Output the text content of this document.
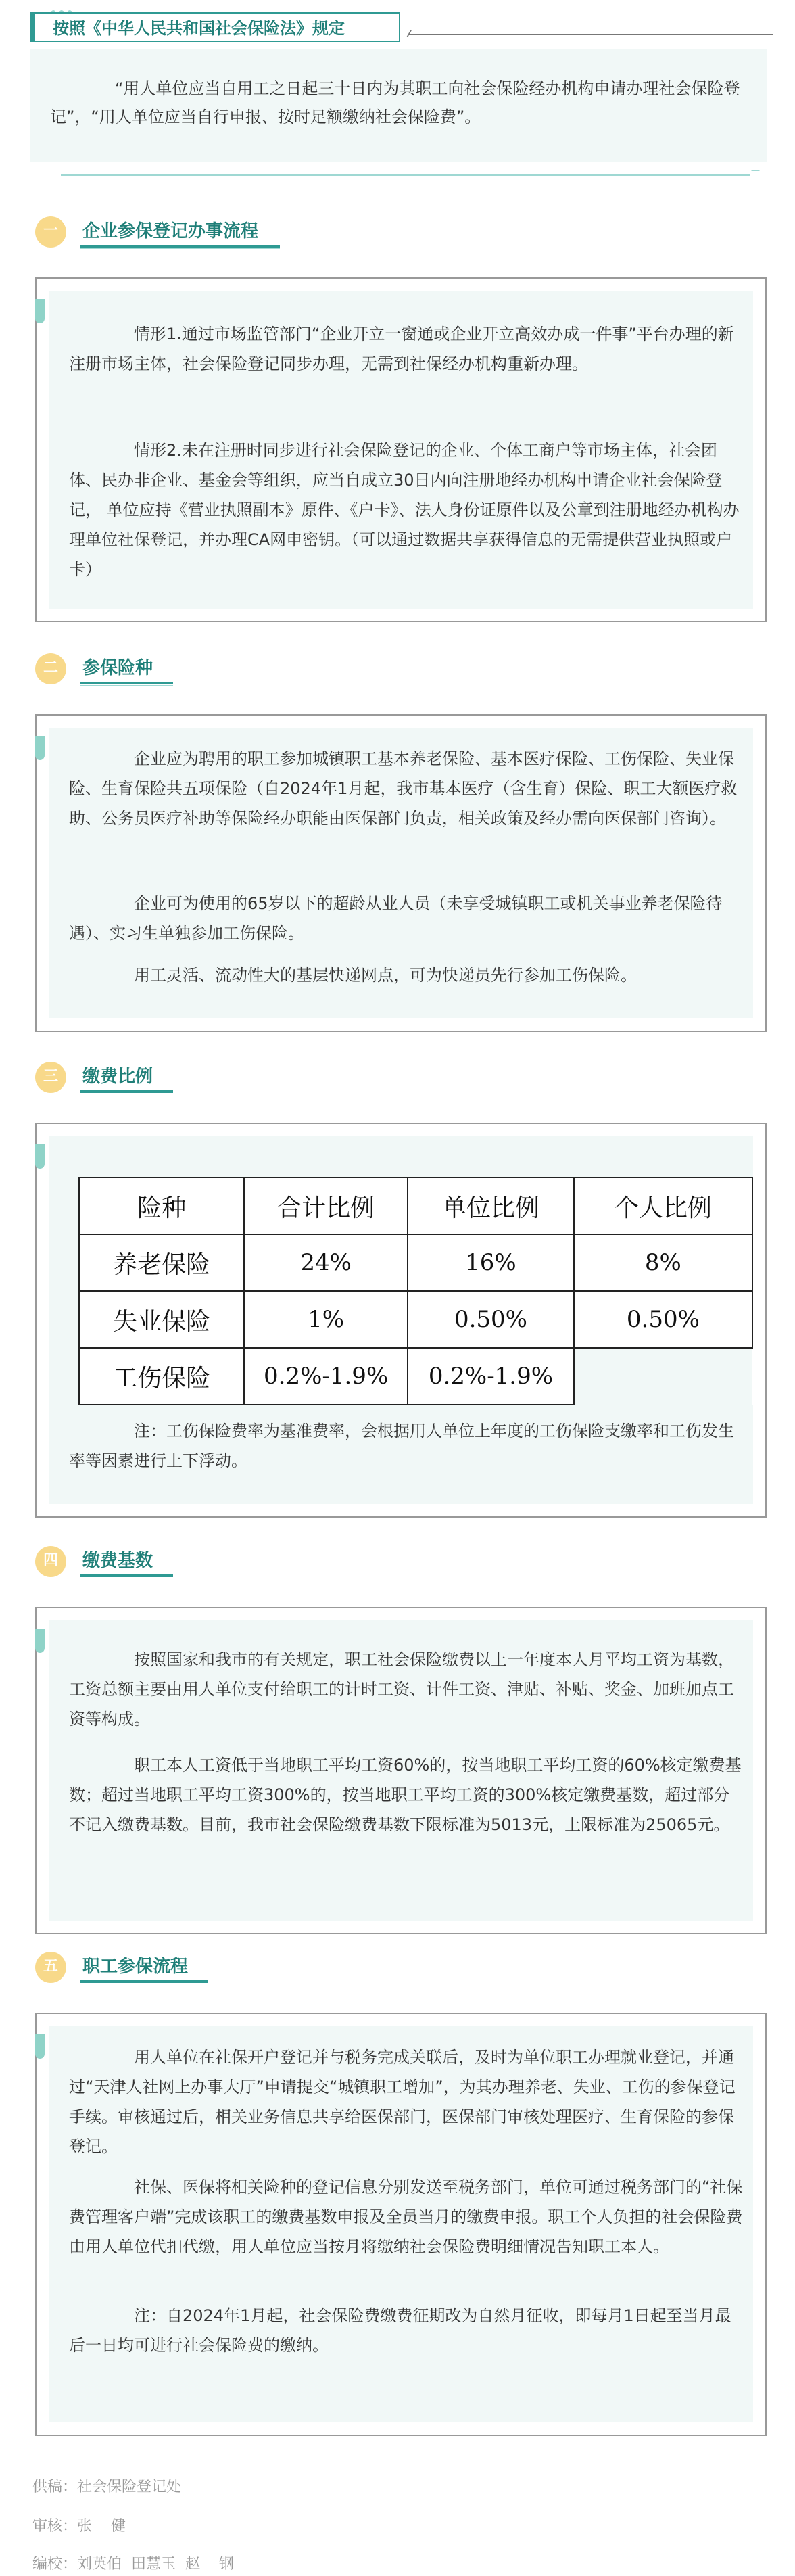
按照《中华人民共和国社会保险法》规定

“用人单位应当自用工之日起三十日内为其职工向社会保险经办机构申请办理社会保险登记”，“用人单位应当自行申报、按时足额缴纳社会保险费”。

一	企业参保登记办事流程

情形1.通过市场监管部门“企业开立一窗通或企业开立高效办成一件事”平台办理的新注册市场主体，社会保险登记同步办理，无需到社保经办机构重新办理。

情形2.未在注册时同步进行社会保险登记的企业、个体工商户等市场主体，社会团体、民办非企业、基金会等组织，应当自成立30日内向注册地经办机构申请企业社会保险登记， 单位应持《营业执照副本》原件、《户卡》、法人身份证原件以及公章到注册地经办机构办理单位社保登记，并办理CA网申密钥。（可以通过数据共享获得信息的无需提供营业执照或户卡）

二	参保险种

企业应为聘用的职工参加城镇职工基本养老保险、基本医疗保险、工伤保险、失业保险、生育保险共五项保险（自2024年1月起，我市基本医疗（含生育）保险、职工大额医疗救助、公务员医疗补助等保险经办职能由医保部门负责，相关政策及经办需向医保部门咨询）。

企业可为使用的65岁以下的超龄从业人员（未享受城镇职工或机关事业养老保险待遇）、实习生单独参加工伤保险。

用工灵活、流动性大的基层快递网点，可为快递员先行参加工伤保险。

三	缴费比例
险种	合计比例	单位比例	个人比例
养老保险	24%	16%	8%
失业保险	1%	0.50%	0.50%
工伤保险	0.2%-1.9%	0.2%-1.9%	

注：工伤保险费率为基准费率，会根据用人单位上年度的工伤保险支缴率和工伤发生率等因素进行上下浮动。

四	缴费基数

按照国家和我市的有关规定，职工社会保险缴费以上一年度本人月平均工资为基数，工资总额主要由用人单位支付给职工的计时工资、计件工资、津贴、补贴、奖金、加班加点工资等构成。

职工本人工资低于当地职工平均工资60%的，按当地职工平均工资的60%核定缴费基数；超过当地职工平均工资300%的，按当地职工平均工资的300%核定缴费基数，超过部分不记入缴费基数。目前，我市社会保险缴费基数下限标准为5013元，上限标准为25065元。

五	职工参保流程

用人单位在社保开户登记并与税务完成关联后，及时为单位职工办理就业登记，并通过“天津人社网上办事大厅”申请提交“城镇职工增加”，为其办理养老、失业、工伤的参保登记手续。审核通过后，相关业务信息共享给医保部门，医保部门审核处理医疗、生育保险的参保登记。

社保、医保将相关险种的登记信息分别发送至税务部门，单位可通过税务部门的“社保费管理客户端”完成该职工的缴费基数申报及全员当月的缴费申报。职工个人负担的社会保险费由用人单位代扣代缴，用人单位应当按月将缴纳社会保险费明细情况告知职工本人。

注：自2024年1月起，社会保险费缴费征期改为自然月征收，即每月1日起至当月最后一日均可进行社会保险费的缴纳。

供稿：社会保险登记处
审核：张    健
编校：刘英伯  田慧玉  赵    钢
